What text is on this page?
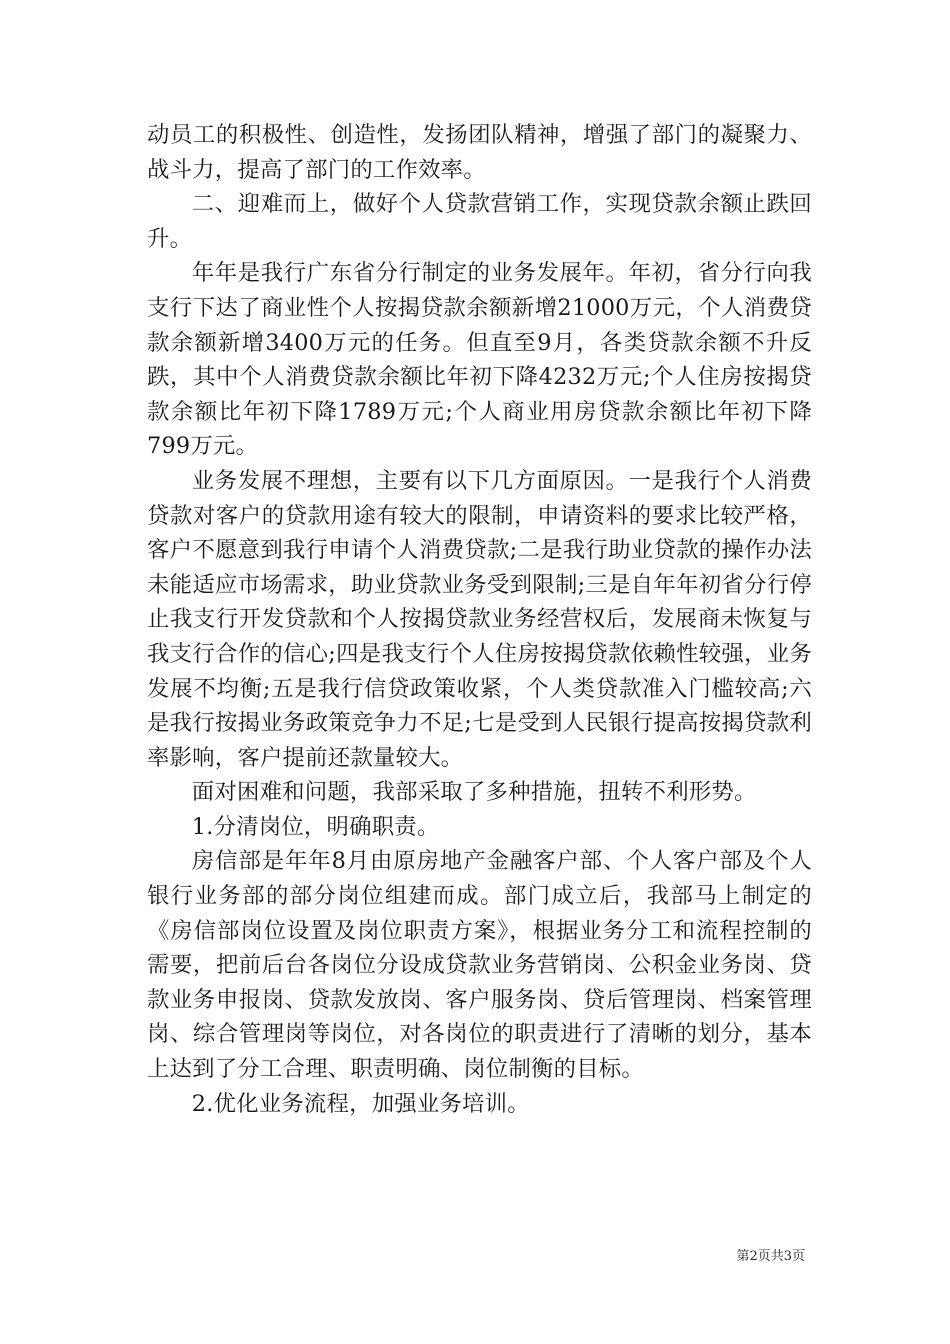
动员工的积极性、创造性，发扬团队精神，增强了部门的凝聚力、战斗力，提高了部门的工作效率。

二、迎难而上，做好个人贷款营销工作，实现贷款余额止跌回升。

年年是我行广东省分行制定的业务发展年。年初，省分行向我支行下达了商业性个人按揭贷款余额新增21000万元，个人消费贷款余额新增3400万元的任务。但直至9月，各类贷款余额不升反跌，其中个人消费贷款余额比年初下降4232万元;个人住房按揭贷款余额比年初下降1789万元;个人商业用房贷款余额比年初下降799万元。

业务发展不理想，主要有以下几方面原因。一是我行个人消费贷款对客户的贷款用途有较大的限制，申请资料的要求比较严格，客户不愿意到我行申请个人消费贷款;二是我行助业贷款的操作办法未能适应市场需求，助业贷款业务受到限制;三是自年年初省分行停止我支行开发贷款和个人按揭贷款业务经营权后，发展商未恢复与我支行合作的信心;四是我支行个人住房按揭贷款依赖性较强，业务发展不均衡;五是我行信贷政策收紧，个人类贷款准入门槛较高;六是我行按揭业务政策竞争力不足;七是受到人民银行提高按揭贷款利率影响，客户提前还款量较大。

面对困难和问题，我部采取了多种措施，扭转不利形势。

1.分清岗位，明确职责。

房信部是年年8月由原房地产金融客户部、个人客户部及个人银行业务部的部分岗位组建而成。部门成立后，我部马上制定的《房信部岗位设置及岗位职责方案》，根据业务分工和流程控制的需要，把前后台各岗位分设成贷款业务营销岗、公积金业务岗、贷款业务申报岗、贷款发放岗、客户服务岗、贷后管理岗、档案管理岗、综合管理岗等岗位，对各岗位的职责进行了清晰的划分，基本上达到了分工合理、职责明确、岗位制衡的目标。

2.优化业务流程，加强业务培训。

第2页共3页
